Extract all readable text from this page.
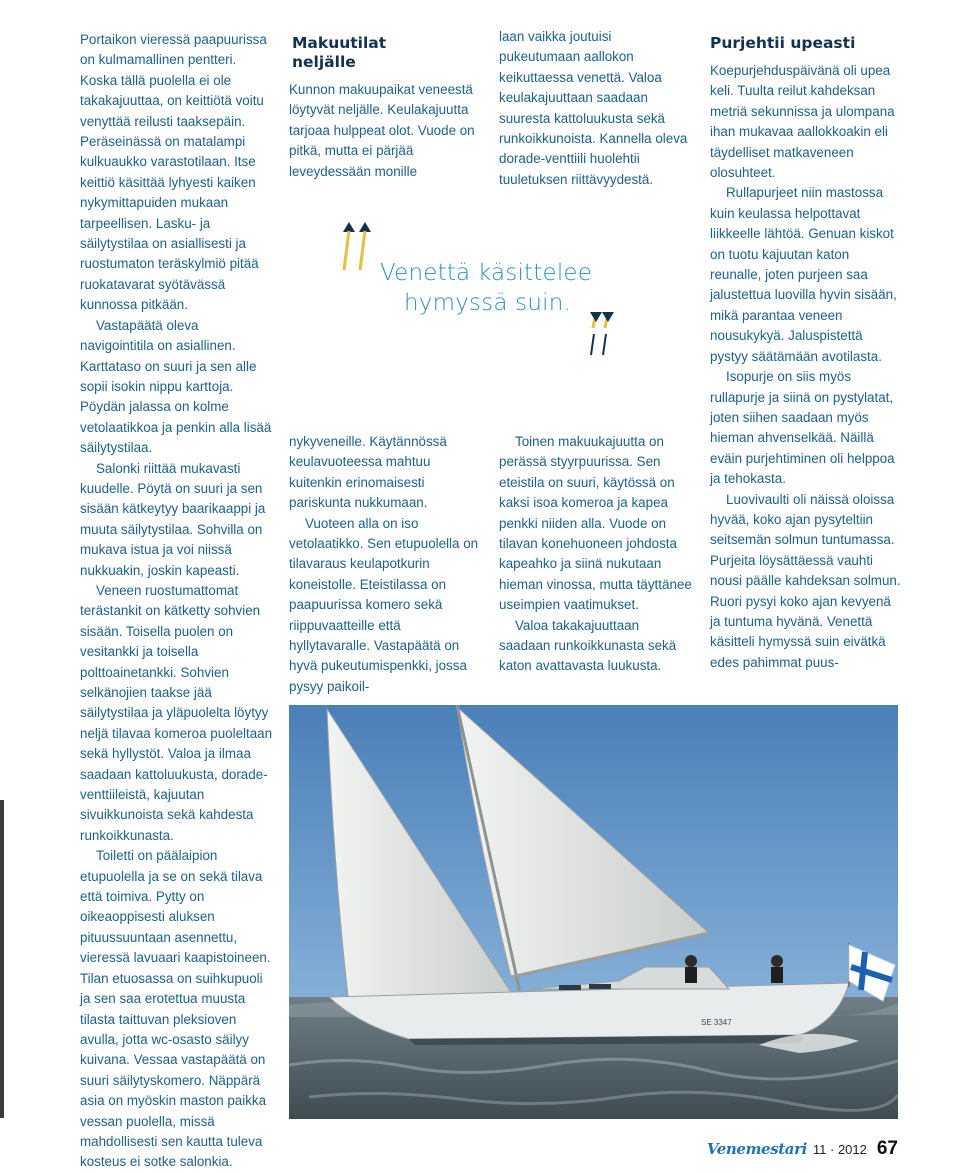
Portaikon vieressä paapuurissa on kulmamallinen pentteri. Koska tällä puolella ei ole takakajuuttaa, on keittiötä voitu venyttää reilusti taaksepäin. Peräseinässä on matalampi kulkuaukko varastotilaan. Itse keittiö käsittää lyhyesti kaiken nykymittapuiden mukaan tarpeellisen. Lasku- ja säilytystilaa on asiallisesti ja ruostumaton teräskylmiö pitää ruokatavarat syötävässä kunnossa pitkään.

Vastapäätä oleva navigointitila on asiallinen. Karttataso on suuri ja sen alle sopii isokin nippu karttoja. Pöydän jalassa on kolme vetolaatikkoa ja penkin alla lisää säilytystilaa.

Salonki riittää mukavasti kuudelle. Pöytä on suuri ja sen sisään kätkeytyy baarikaappi ja muuta säilytystilaa. Sohvilla on mukava istua ja voi niissä nukkuakin, joskin kapeasti.

Veneen ruostumattomat terästankit on kätketty sohvien sisään. Toisella puolen on vesitankki ja toisella polttoainetankki. Sohvien selkänojien taakse jää säilytystilaa ja yläpuolelta löytyy neljä tilavaa komeroa puoleltaan sekä hyllystöt. Valoa ja ilmaa saadaan kattoluukusta, dorade-venttiileistä, kajuutan sivuikkunoista sekä kahdesta runkoikkunasta.

Toiletti on päälaipion etupuolella ja se on sekä tilava että toimiva. Pytty on oikeaoppisesti aluksen pituussuuntaan asennettu, vieressä lavuaari kaapistoineen. Tilan etuosassa on suihkupuoli ja sen saa erotettua muusta tilasta taittuvan pleksioven avulla, jotta wc-osasto säilyy kuivana. Vessaa vastapäätä on suuri säilytyskomero. Näppärä asia on myöskin maston paikka vessan puolella, missä mahdollisesti sen kautta tuleva kosteus ei sotke salonkia.

Makuutilat
neljälle

Kunnon makuupaikat veneestä löytyvät neljälle. Keulakajuutta tarjoaa hulppeat olot. Vuode on pitkä, mutta ei pärjää leveydessään monille

Venettä käsittelee
hymyssä suin.

nykyveneille. Käytännössä keulavuoteessa mahtuu kuitenkin erinomaisesti pariskunta nukkumaan.

Vuoteen alla on iso vetolaatikko. Sen etupuolella on tilavaraus keulapotkurin koneistolle. Eteistilassa on paapuurissa komero sekä riippuvaatteille että hyllytavaralle. Vastapäätä on hyvä pukeutumispenkki, jossa pysyy paikoil-

laan vaikka joutuisi pukeutumaan aallokon keikuttaessa venettä. Valoa keulakajuuttaan saadaan suuresta kattoluukusta sekä runkoikkunoista. Kannella oleva dorade-venttiili huolehtii tuuletuksen riittävyydestä.

Toinen makuukajuutta on perässä styyrpuurissa. Sen eteistila on suuri, käytössä on kaksi isoa komeroa ja kapea penkki niiden alla. Vuode on tilavan konehuoneen johdosta kapeahko ja siinä nukutaan hieman vinossa, mutta täyttänee useimpien vaatimukset.

Valoa takakajuuttaan saadaan runkoikkunasta sekä katon avattavasta luukusta.

Purjehtii upeasti

Koepurjehduspäivänä oli upea keli. Tuulta reilut kahdeksan metriä sekunnissa ja ulompana ihan mukavaa aallokkoakin eli täydelliset matkaveneen olosuhteet.

Rullapurjeet niin mastossa kuin keulassa helpottavat liikkeelle lähtöä. Genuan kiskot on tuotu kajuutan katon reunalle, joten purjeen saa jalustettua luovilla hyvin sisään, mikä parantaa veneen nousukykyä. Jaluspistettä pystyy säätämään avotilasta.

Isopurje on siis myös rullapurje ja siinä on pystylatat, joten siihen saadaan myös hieman ahvenselkää. Näillä eväin purjehtiminen oli helppoa ja tehokasta.

Luovivaulti oli näissä oloissa hyvää, koko ajan pysyteltiin seitsemän solmun tuntumassa. Purjeita löysättäessä vauhti nousi päälle kahdeksan solmun. Ruori pysyi koko ajan kevyenä ja tuntuma hyvänä. Venettä käsitteli hymyssä suin eivätkä edes pahimmat puus-

SE 3347
Venemestari 11 · 2012 67
